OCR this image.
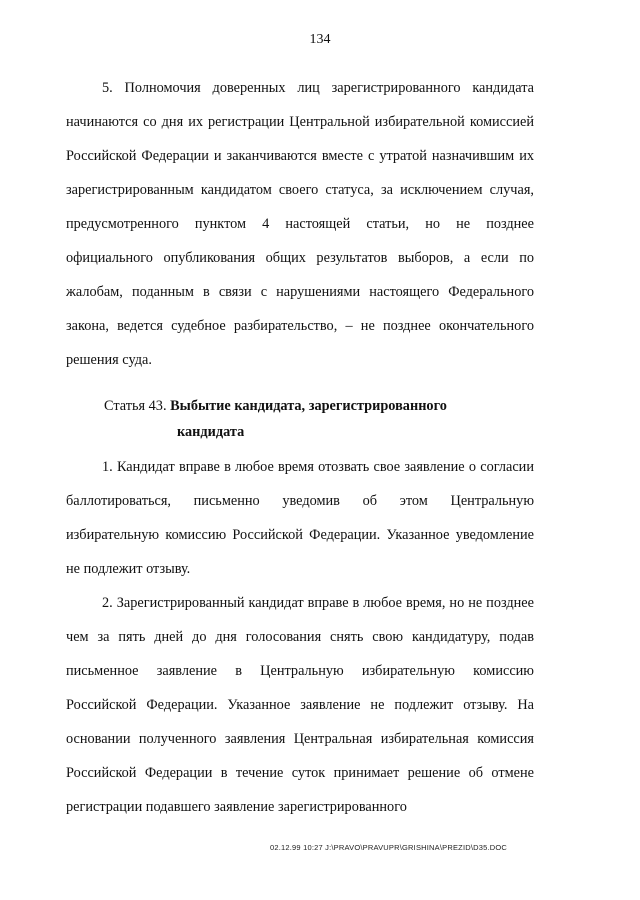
134

5. Полномочия доверенных лиц зарегистрированного кандидата начинаются со дня их регистрации Центральной избирательной комиссией Российской Федерации и заканчиваются вместе с утратой назначившим их зарегистрированным кандидатом своего статуса, за исключением случая, предусмотренного пунктом 4 настоящей статьи, но не позднее официального опубликования общих результатов выборов, а если по жалобам, поданным в связи с нарушениями настоящего Федерального закона, ведется судебное разбирательство, – не позднее окончательного решения суда.

Статья 43. Выбытие кандидата, зарегистрированного
кандидата

1. Кандидат вправе в любое время отозвать свое заявление о согласии баллотироваться, письменно уведомив об этом Центральную избирательную комиссию Российской Федерации. Указанное уведомление не подлежит отзыву.

2. Зарегистрированный кандидат вправе в любое время, но не позднее чем за пять дней до дня голосования снять свою кандидатуру, подав письменное заявление в Центральную избирательную комиссию Российской Федерации. Указанное заявление не подлежит отзыву. На основании полученного заявления Центральная избирательная комиссия Российской Федерации в течение суток принимает решение об отмене регистрации подавшего заявление зарегистрированного

02.12.99 10:27 J:\PRAVO\PRAVUPR\GRISHINA\PREZID\D35.DOC
